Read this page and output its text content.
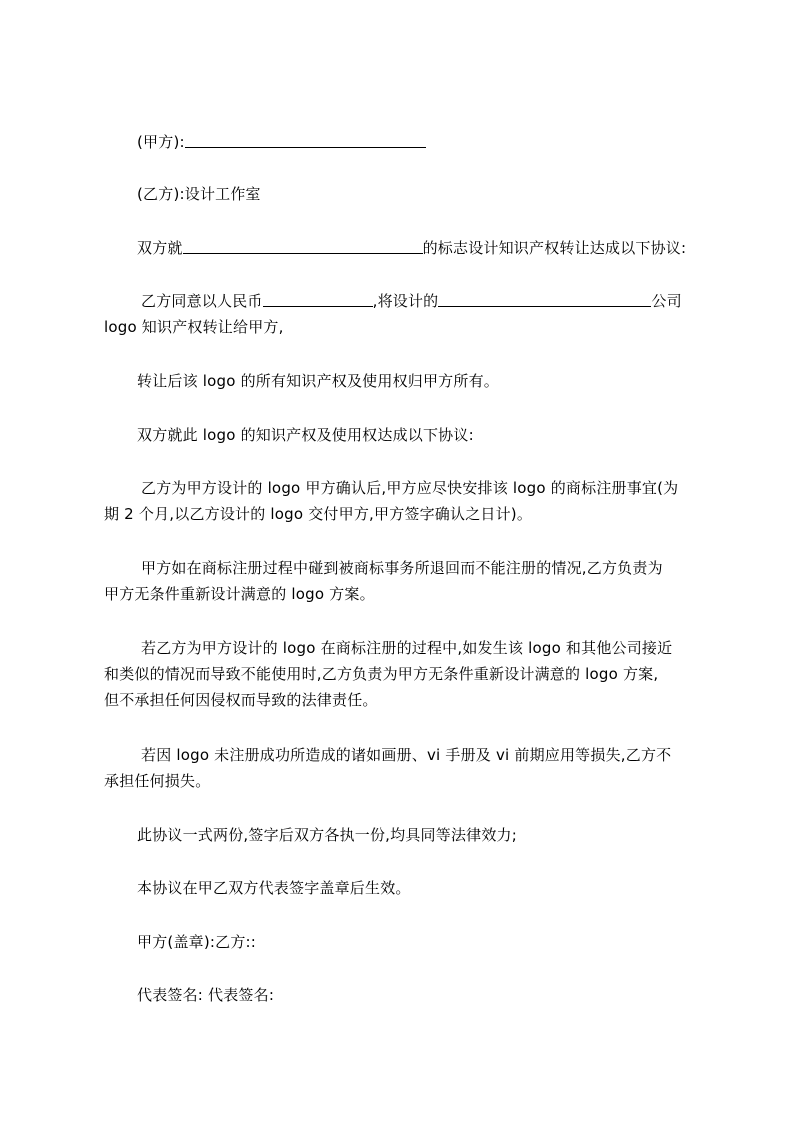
(甲方):
(乙方):设计工作室
双方就	的标志设计知识产权转让达成以下协议:
乙方同意以人民币	,将设计的	公司
logo 知识产权转让给甲方,
转让后该 logo 的所有知识产权及使用权归甲方所有。
双方就此 logo 的知识产权及使用权达成以下协议:
乙方为甲方设计的 logo 甲方确认后,甲方应尽快安排该 logo 的商标注册事宜(为
期 2 个月,以乙方设计的 logo 交付甲方,甲方签字确认之日计)。
甲方如在商标注册过程中碰到被商标事务所退回而不能注册的情况,乙方负责为
甲方无条件重新设计满意的 logo 方案。
若乙方为甲方设计的 logo 在商标注册的过程中,如发生该 logo 和其他公司接近
和类似的情况而导致不能使用时,乙方负责为甲方无条件重新设计满意的 logo 方案,
但不承担任何因侵权而导致的法律责任。
若因 logo 未注册成功所造成的诸如画册、vi 手册及 vi 前期应用等损失,乙方不
承担任何损失。
此协议一式两份,签字后双方各执一份,均具同等法律效力;
本协议在甲乙双方代表签字盖章后生效。
甲方(盖章):乙方::
代表签名: 代表签名:
